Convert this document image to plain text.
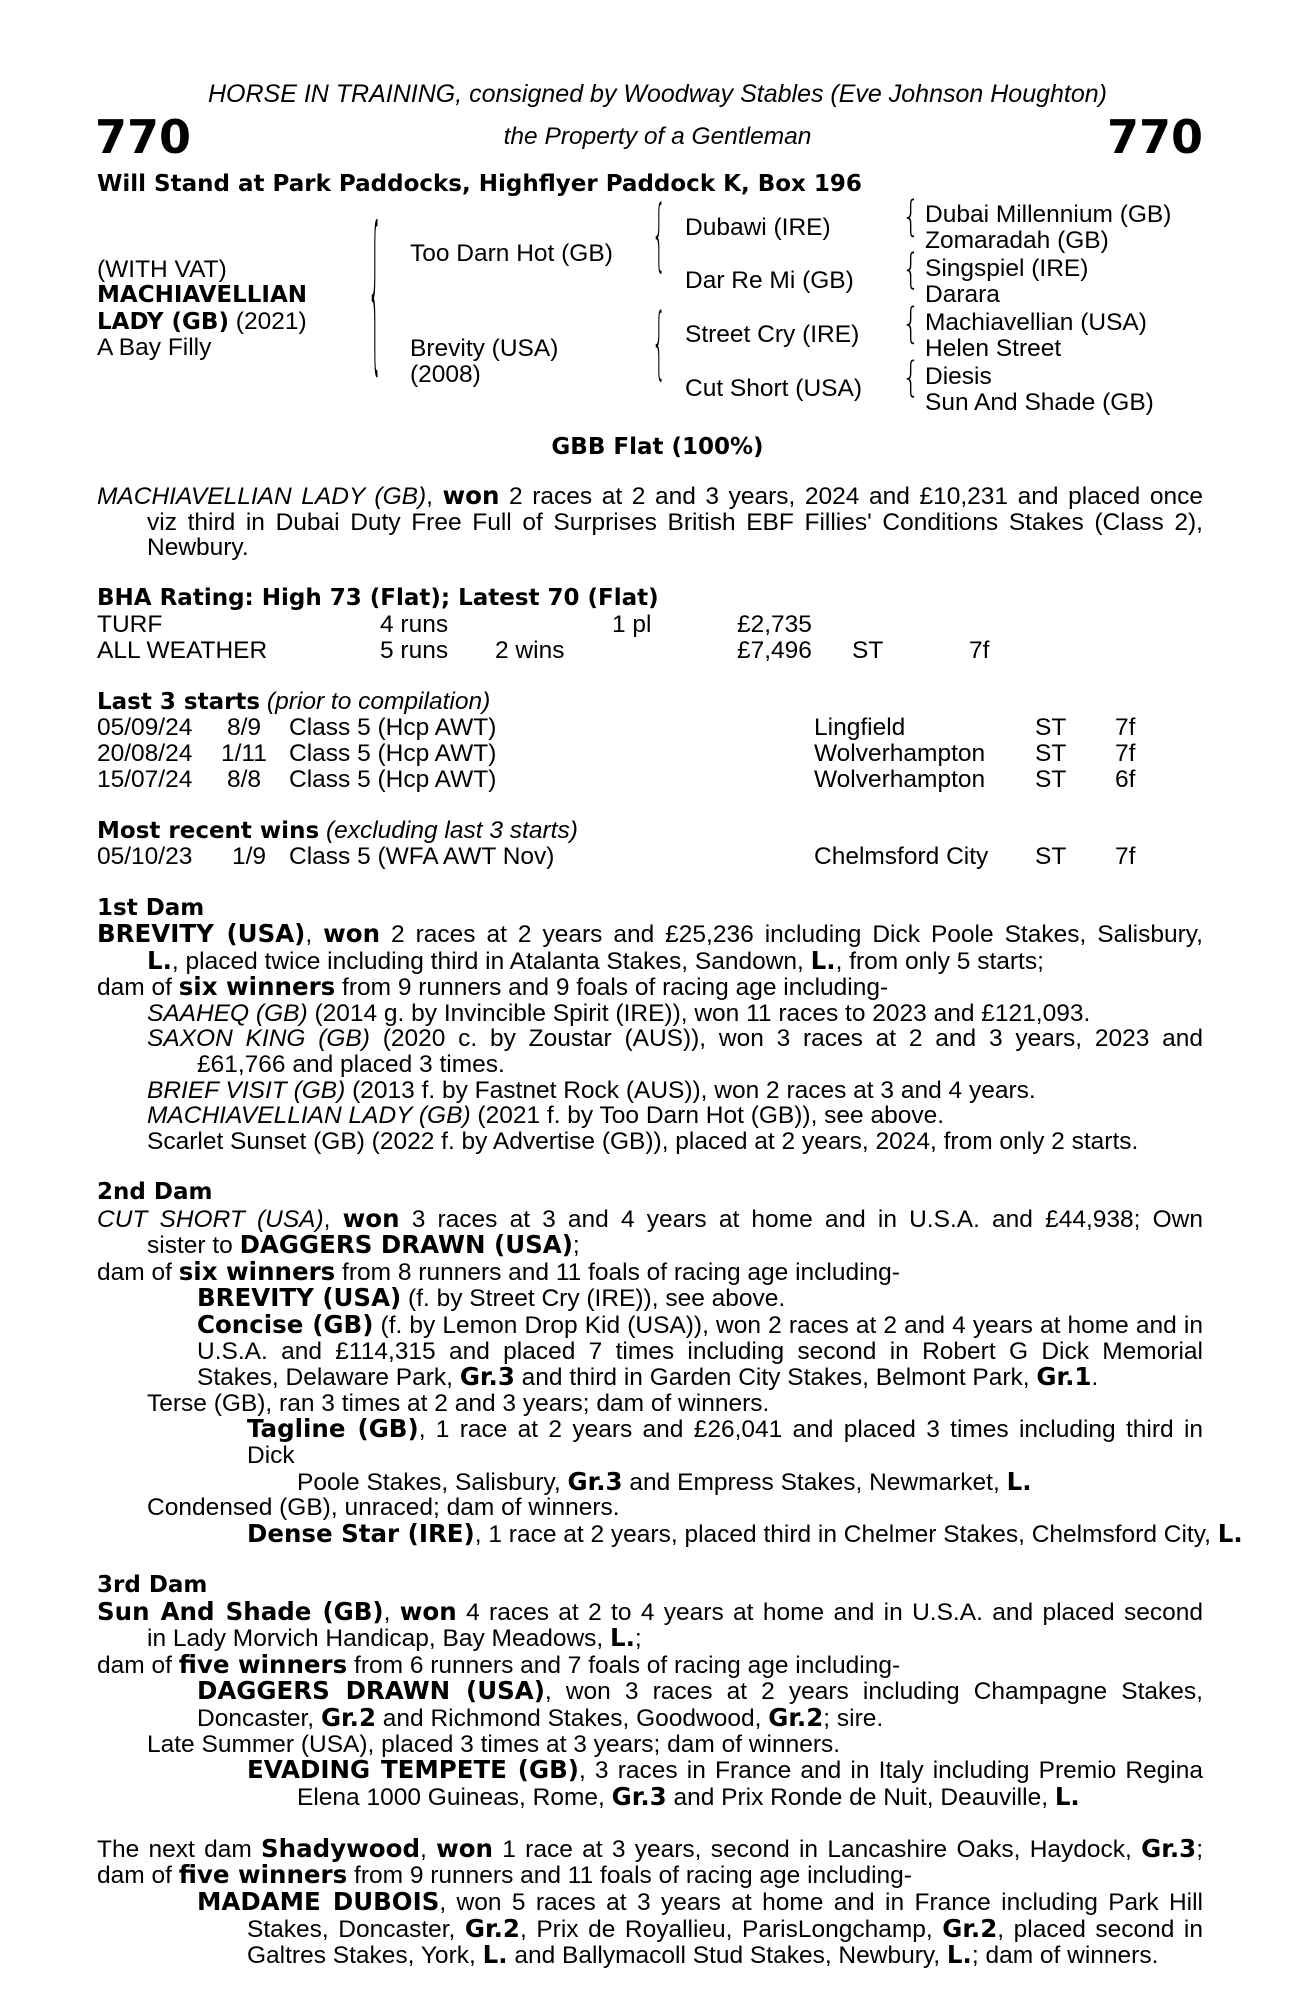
HORSE IN TRAINING, consigned by Woodway Stables (Eve Johnson Houghton)
770	770
the Property of a Gentleman
Will Stand at Park Paddocks, Highflyer Paddock K, Box 196
(WITH VAT)
MACHIAVELLIAN
LADY (GB) (2021)
A Bay Filly	{ Too Darn Hot (GB)
Brevity (USA)
(2008)
{
{
Dubawi (IRE)
Dar Re Mi (GB)
Street Cry (IRE)
Cut Short (USA)
{
{
{
{
Dubai Millennium (GB)
Zomaradah (GB)
Singspiel (IRE)
Darara
Machiavellian (USA)
Helen Street
Diesis
Sun And Shade (GB)
GBB Flat (100%)
MACHIAVELLIAN LADY (GB), won 2 races at 2 and 3 years, 2024 and £10,231 and placed once
viz third in Dubai Duty Free Full of Surprises British EBF Fillies' Conditions Stakes (Class 2),
Newbury.
BHA Rating: High 73 (Flat); Latest 70 (Flat)
TURF	4 runs	1 pl	£2,735
ALL WEATHER	5 runs 2 wins	£7,496 ST	7f
Last 3 starts (prior to compilation)
05/09/24 8/9 Class 5 (Hcp AWT)	Lingfield	ST 7f
20/08/24 1/11 Class 5 (Hcp AWT)	Wolverhampton ST 7f
15/07/24 8/8 Class 5 (Hcp AWT)	Wolverhampton ST 6f
Most recent wins (excluding last 3 starts)
05/10/23 1/9 Class 5 (WFA AWT Nov)	Chelmsford City ST 7f
1st Dam
BREVITY (USA), won 2 races at 2 years and £25,236 including Dick Poole Stakes, Salisbury,
L., placed twice including third in Atalanta Stakes, Sandown, L., from only 5 starts;
dam of six winners from 9 runners and 9 foals of racing age including-
SAAHEQ (GB) (2014 g. by Invincible Spirit (IRE)), won 11 races to 2023 and £121,093.
SAXON KING (GB) (2020 c. by Zoustar (AUS)), won 3 races at 2 and 3 years, 2023 and
£61,766 and placed 3 times.
BRIEF VISIT (GB) (2013 f. by Fastnet Rock (AUS)), won 2 races at 3 and 4 years.
MACHIAVELLIAN LADY (GB) (2021 f. by Too Darn Hot (GB)), see above.
Scarlet Sunset (GB) (2022 f. by Advertise (GB)), placed at 2 years, 2024, from only 2 starts.
2nd Dam
CUT SHORT (USA), won 3 races at 3 and 4 years at home and in U.S.A. and £44,938; Own
sister to DAGGERS DRAWN (USA);
dam of six winners from 8 runners and 11 foals of racing age including-
BREVITY (USA) (f. by Street Cry (IRE)), see above.
Concise (GB) (f. by Lemon Drop Kid (USA)), won 2 races at 2 and 4 years at home and in
U.S.A. and £114,315 and placed 7 times including second in Robert G Dick Memorial
Stakes, Delaware Park, Gr.3 and third in Garden City Stakes, Belmont Park, Gr.1.
Terse (GB), ran 3 times at 2 and 3 years; dam of winners.
Tagline (GB), 1 race at 2 years and £26,041 and placed 3 times including third in Dick
Poole Stakes, Salisbury, Gr.3 and Empress Stakes, Newmarket, L.
Condensed (GB), unraced; dam of winners.
Dense Star (IRE), 1 race at 2 years, placed third in Chelmer Stakes, Chelmsford City, L.
3rd Dam
Sun And Shade (GB), won 4 races at 2 to 4 years at home and in U.S.A. and placed second
in Lady Morvich Handicap, Bay Meadows, L.;
dam of five winners from 6 runners and 7 foals of racing age including-
DAGGERS DRAWN (USA), won 3 races at 2 years including Champagne Stakes,
Doncaster, Gr.2 and Richmond Stakes, Goodwood, Gr.2; sire.
Late Summer (USA), placed 3 times at 3 years; dam of winners.
EVADING TEMPETE (GB), 3 races in France and in Italy including Premio Regina
Elena 1000 Guineas, Rome, Gr.3 and Prix Ronde de Nuit, Deauville, L.
The next dam Shadywood, won 1 race at 3 years, second in Lancashire Oaks, Haydock, Gr.3;
dam of five winners from 9 runners and 11 foals of racing age including-
MADAME DUBOIS, won 5 races at 3 years at home and in France including Park Hill
Stakes, Doncaster, Gr.2, Prix de Royallieu, ParisLongchamp, Gr.2, placed second in
Galtres Stakes, York, L. and Ballymacoll Stud Stakes, Newbury, L.; dam of winners.
